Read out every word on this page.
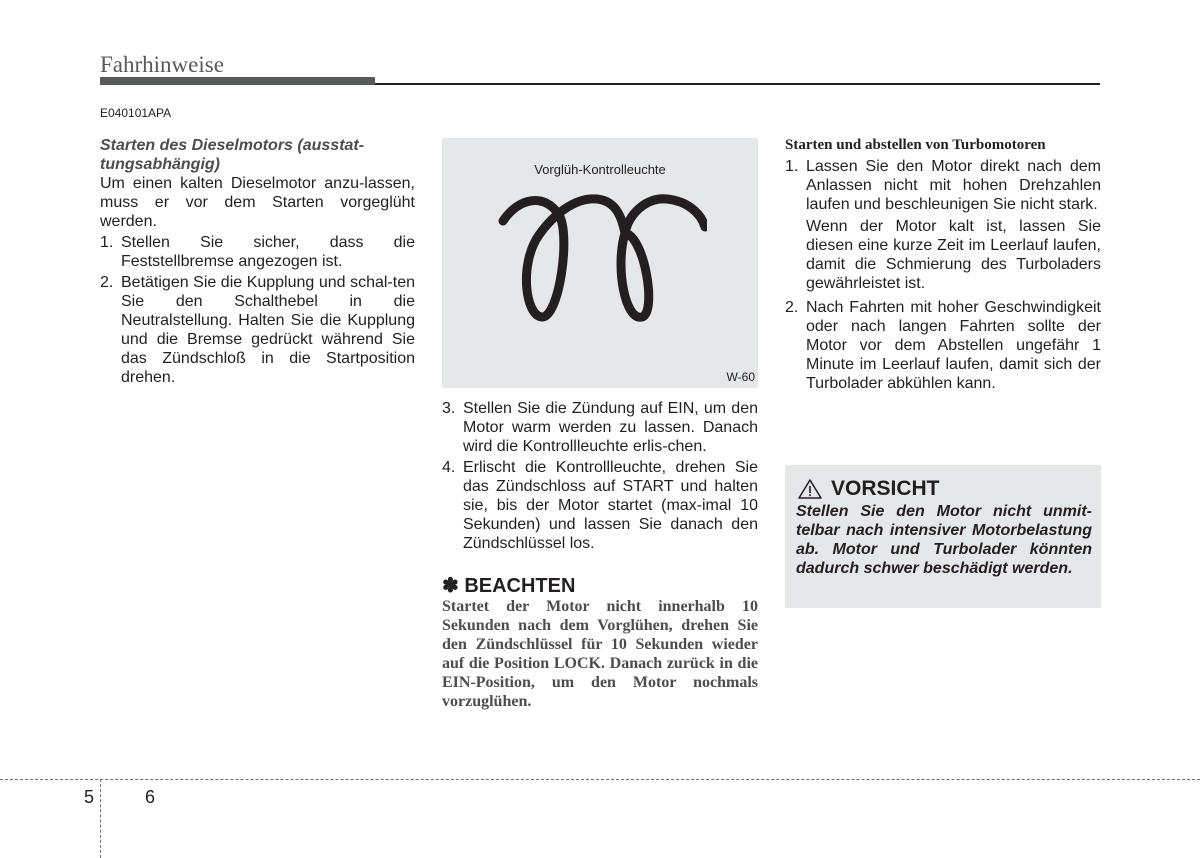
Fahrhinweise
E040101APA

Starten des Dieselmotors (ausstat-tungsabhängig)

Um einen kalten Dieselmotor anzu-lassen, muss er vor dem Starten vorgeglüht werden.

1. Stellen Sie sicher, dass die Feststellbremse angezogen ist.
2. Betätigen Sie die Kupplung und schal-ten Sie den Schalthebel in die Neutralstellung. Halten Sie die Kupplung und die Bremse gedrückt während Sie das Zündschloß in die Startposition drehen.
Vorglüh-Kontrolleuchte
W-60
3. Stellen Sie die Zündung auf EIN, um den Motor warm werden zu lassen. Danach wird die Kontrollleuchte erlis-chen.
4. Erlischt die Kontrollleuchte, drehen Sie das Zündschloss auf START und halten sie, bis der Motor startet (max-imal 10 Sekunden) und lassen Sie danach den Zündschlüssel los.

✽ BEACHTEN

Startet der Motor nicht innerhalb 10 Sekunden nach dem Vorglühen, drehen Sie den Zündschlüssel für 10 Sekunden wieder auf die Position LOCK. Danach zurück in die EIN-Position, um den Motor nochmals vorzuglühen.

Starten und abstellen von Turbomotoren

1. Lassen Sie den Motor direkt nach dem Anlassen nicht mit hohen Drehzahlen laufen und beschleunigen Sie nicht stark.

Wenn der Motor kalt ist, lassen Sie diesen eine kurze Zeit im Leerlauf laufen, damit die Schmierung des Turboladers gewährleistet ist.

2. Nach Fahrten mit hoher Geschwindigkeit oder nach langen Fahrten sollte der Motor vor dem Abstellen ungefähr 1 Minute im Leerlauf laufen, damit sich der Turbolader abkühlen kann.
VORSICHT
Stellen Sie den Motor nicht unmit-telbar nach intensiver Motorbelastung ab. Motor und Turbolader könnten dadurch schwer beschädigt werden.
5	6
